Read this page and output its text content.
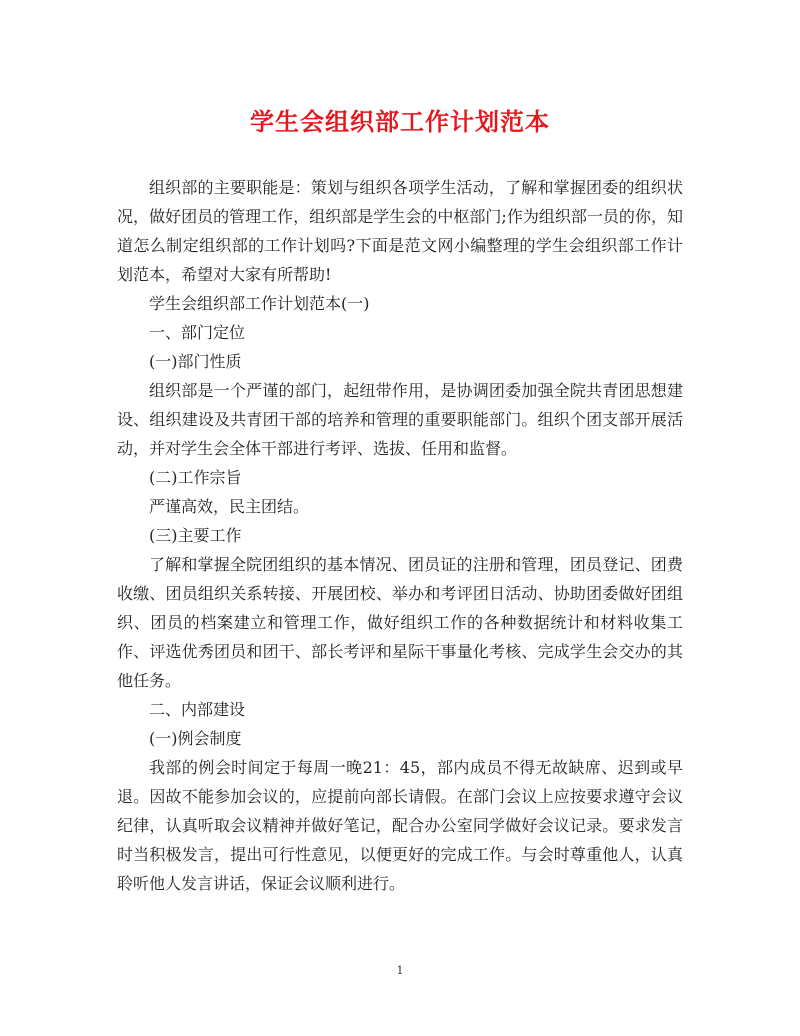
学生会组织部工作计划范本

组织部的主要职能是：策划与组织各项学生活动，了解和掌握团委的组织状况，做好团员的管理工作，组织部是学生会的中枢部门;作为组织部一员的你，知道怎么制定组织部的工作计划吗?下面是范文网小编整理的学生会组织部工作计划范本，希望对大家有所帮助!

学生会组织部工作计划范本(一)

一、部门定位

(一)部门性质

组织部是一个严谨的部门，起纽带作用，是协调团委加强全院共青团思想建设、组织建设及共青团干部的培养和管理的重要职能部门。组织个团支部开展活动，并对学生会全体干部进行考评、选拔、任用和监督。

(二)工作宗旨

严谨高效，民主团结。

(三)主要工作

了解和掌握全院团组织的基本情况、团员证的注册和管理，团员登记、团费收缴、团员组织关系转接、开展团校、举办和考评团日活动、协助团委做好团组织、团员的档案建立和管理工作，做好组织工作的各种数据统计和材料收集工作、评选优秀团员和团干、部长考评和星际干事量化考核、完成学生会交办的其他任务。

二、内部建设

(一)例会制度

我部的例会时间定于每周一晚21：45，部内成员不得无故缺席、迟到或早退。因故不能参加会议的，应提前向部长请假。在部门会议上应按要求遵守会议纪律，认真听取会议精神并做好笔记，配合办公室同学做好会议记录。要求发言时当积极发言，提出可行性意见，以便更好的完成工作。与会时尊重他人，认真聆听他人发言讲话，保证会议顺利进行。

1
